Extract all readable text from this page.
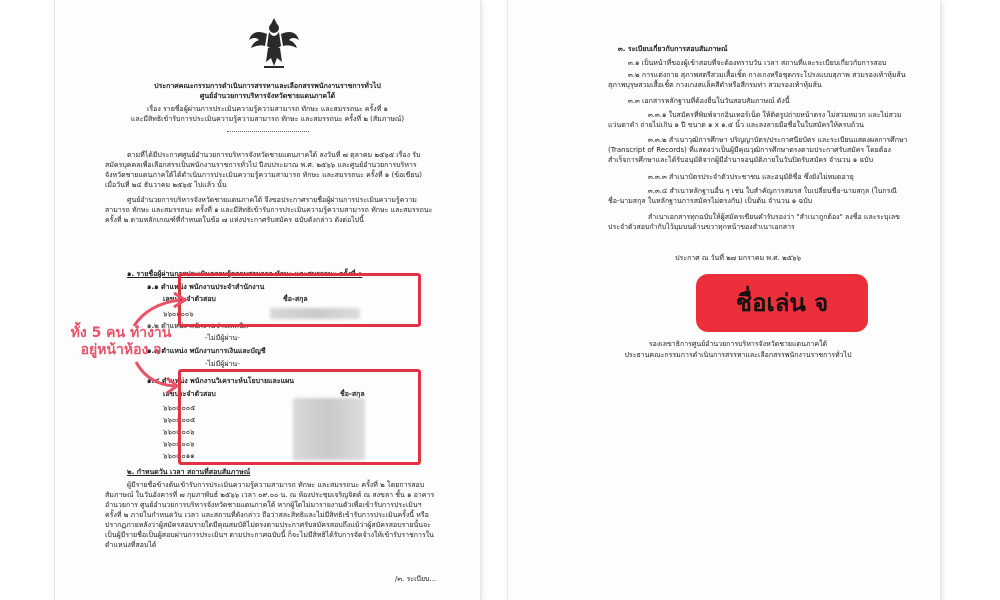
ประกาศคณะกรรมการดำเนินการสรรหาและเลือกสรรพนักงานราชการทั่วไป
ศูนย์อำนวยการบริหารจังหวัดชายแดนภาคใต้
เรื่อง รายชื่อผู้ผ่านการประเมินความรู้ความสามารถ ทักษะ และสมรรถนะ ครั้งที่ ๑
และมีสิทธิเข้ารับการประเมินความรู้ความสามารถ ทักษะ และสมรรถนะ ครั้งที่ ๒ (สัมภาษณ์)
ตามที่ได้มีประกาศศูนย์อำนวยการบริหารจังหวัดชายแดนภาคใต้ ลงวันที่ ๗ ตุลาคม ๒๕๖๕ เรื่อง รับสมัครบุคคลเพื่อเลือกสรรเป็นพนักงานราชการทั่วไป ปีงบประมาณ พ.ศ. ๒๕๖๖ และศูนย์อำนวยการบริหารจังหวัดชายแดนภาคใต้ได้ดำเนินการประเมินความรู้ความสามารถ ทักษะ และสมรรถนะ ครั้งที่ ๑ (ข้อเขียน) เมื่อวันที่ ๒๔ ธันวาคม ๒๕๖๕ ไปแล้ว นั้น
ศูนย์อำนวยการบริหารจังหวัดชายแดนภาคใต้ จึงขอประกาศรายชื่อผู้ผ่านการประเมินความรู้ความสามารถ ทักษะ และสมรรถนะ ครั้งที่ ๑ และมีสิทธิเข้ารับการประเมินความรู้ความสามารถ ทักษะ และสมรรถนะ ครั้งที่ ๒ ตามหลักเกณฑ์ที่กำหนดในข้อ ๗ แห่งประกาศรับสมัคร ฉบับดังกล่าว ดังต่อไปนี้
๑. รายชื่อผู้ผ่านการประเมินความรู้ความสามารถ ทักษะ และสมรรถนะ ครั้งที่ ๑
๑.๑ ตำแหน่ง พนักงานประจำสำนักงาน
เลขประจำตัวสอบ	ชื่อ-สกุล
๖๖๐๑๐๐๖
๑.๒ ตำแหน่ง พนักงานช่างเทคนิค
-ไม่มีผู้ผ่าน-
๑.๓ ตำแหน่ง พนักงานการเงินและบัญชี
-ไม่มีผู้ผ่าน-
๑.๔ ตำแหน่ง พนักงานวิเคราะห์นโยบายและแผน
เลขประจำตัวสอบ	ชื่อ-สกุล
๖๖๐๔๐๐๕
๖๖๐๔๐๐๕
๖๖๐๔๐๐๖
๖๖๐๔๐๐๖
๖๖๐๔๐๑๑
๒. กำหนดวัน เวลา สถานที่สอบสัมภาษณ์
ผู้มีรายชื่อข้างต้นเข้ารับการประเมินความรู้ความสามารถ ทักษะ และสมรรถนะ ครั้งที่ ๒ โดยการสอบสัมภาษณ์ ในวันอังคารที่ ๗ กุมภาพันธ์ ๒๕๖๖ เวลา ๐๙.๐๐ น. ณ ห้องประชุมเจริญจิตต์ ณ สงขลา ชั้น ๑ อาคารอำนวยการ ศูนย์อำนวยการบริหารจังหวัดชายแดนภาคใต้ หากผู้ใดไม่มารายงานตัวเพื่อเข้ารับการประเมินฯ ครั้งที่ ๒ ภายในกำหนดวัน เวลา และสถานที่ดังกล่าว ถือว่าสละสิทธิและไม่มีสิทธิเข้ารับการประเมินครั้งนี้ หรือปรากฏภายหลังว่าผู้สมัครสอบรายใดมีคุณสมบัติไม่ตรงตามประกาศรับสมัครสอบถึงแม้ว่าผู้สมัครสอบรายนั้นจะเป็นผู้มีรายชื่อเป็นผู้สอบผ่านการประเมินฯ ตามประกาศฉบับนี้ ก็จะไม่มีสิทธิได้รับการจัดจ้างให้เข้ารับราชการในตำแหน่งที่สอบได้
/๓. ระเบียบ...
ทั้ง 5 คน ทำงานอยู่หน้าห้อง จ
๓. ระเบียบเกี่ยวกับการสอบสัมภาษณ์
๓.๑ เป็นหน้าที่ของผู้เข้าสอบที่จะต้องทราบวัน เวลา สถานที่และระเบียบเกี่ยวกับการสอบ
๓.๒ การแต่งกาย สุภาพสตรีสวมเสื้อเชิ้ต กางเกงหรือชุดกระโปรงแบบสุภาพ สวมรองเท้าหุ้มส้น สุภาพบุรุษสวมเสื้อเชิ้ต กางเกงสแล็คสีดำหรือสีกรมท่า สวมรองเท้าหุ้มส้น
๓.๓ เอกสารหลักฐานที่ต้องยื่นในวันสอบสัมภาษณ์ ดังนี้
๓.๓.๑ ใบสมัครที่พิมพ์จากอินเทอร์เน็ต ให้ติดรูปถ่ายหน้าตรง ไม่สวมหมวก และไม่สวมแว่นตาดำ ถ่ายไม่เกิน ๑ ปี ขนาด ๑ x ๑.๕ นิ้ว และลงลายมือชื่อในใบสมัครให้ครบถ้วน
๓.๓.๒ สำเนาวุฒิการศึกษา ปริญญาบัตร/ประกาศนียบัตร และระเบียนแสดงผลการศึกษา (Transcript of Records) ที่แสดงว่าเป็นผู้มีคุณวุฒิการศึกษาตรงตามประกาศรับสมัคร โดยต้องสำเร็จการศึกษาและได้รับอนุมัติจากผู้มีอำนาจอนุมัติภายในวันปิดรับสมัคร จำนวน ๑ ฉบับ
๓.๓.๓ สำเนาบัตรประจำตัวประชาชน และอนุมัติชื่อ ซึ่งยังไม่หมดอายุ
๓.๓.๔ สำเนาหลักฐานอื่น ๆ เช่น ใบสำคัญการสมรส ใบเปลี่ยนชื่อ-นามสกุล (ในกรณีชื่อ-นามสกุล ในหลักฐานการสมัครไม่ตรงกัน) เป็นต้น จำนวน ๑ ฉบับ
สำเนาเอกสารทุกฉบับให้ผู้สมัครเขียนคำรับรองว่า "สำเนาถูกต้อง" ลงชื่อ และระบุเลขประจำตัวสอบกำกับไว้มุมบนด้านขวาทุกหน้าของสำเนาเอกสาร
ประกาศ ณ วันที่ ๒๗ มกราคม พ.ศ. ๒๕๖๖
ชื่อเล่น จ
รองเลขาธิการศูนย์อำนวยการบริหารจังหวัดชายแดนภาคใต้
ประธานคณะกรรมการดำเนินการสรรหาและเลือกสรรพนักงานราชการทั่วไป
